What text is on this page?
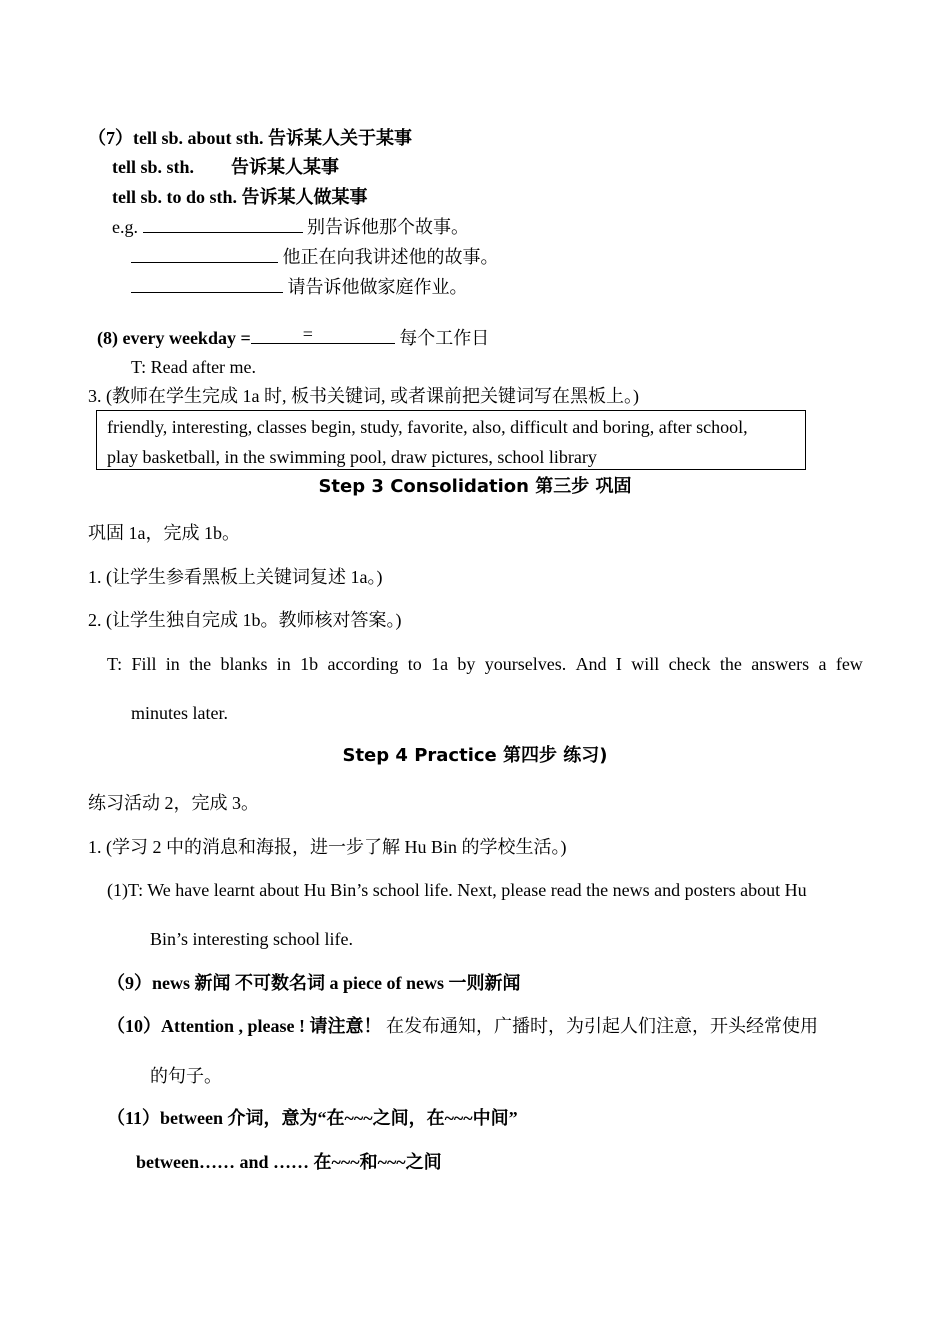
（7）tell sb. about sth. 告诉某人关于某事
tell sb. sth. 告诉某人某事
tell sb. to do sth. 告诉某人做某事
e.g.	别告诉他那个故事。
他正在向我讲述他的故事。
请告诉他做家庭作业。
(8) every weekday =	=	每个工作日
T: Read after me.
3. (教师在学生完成 1a 时, 板书关键词, 或者课前把关键词写在黑板上。)
friendly, interesting, classes begin, study, favorite, also, difficult and boring, after school,
play basketball, in the swimming pool, draw pictures, school library
Step 3 Consolidation 第三步 巩固
巩固 1a，完成 1b。
1. (让学生参看黑板上关键词复述 1a。)
2. (让学生独自完成 1b。教师核对答案。)
T: Fill in the blanks in 1b according to 1a by yourselves. And I will check the answers a few
minutes later.
Step 4 Practice 第四步 练习)
练习活动 2，完成 3。
1. (学习 2 中的消息和海报，进一步了解 Hu Bin 的学校生活。)
(1)T: We have learnt about Hu Bin’s school life. Next, please read the news and posters about Hu
Bin’s interesting school life.
（9）news 新闻 不可数名词 a piece of news 一则新闻
（10）Attention , please ! 请注意！ 在发布通知，广播时，为引起人们注意，开头经常使用
的句子。
（11）between 介词，意为“在~~~之间，在~~~中间”
between…… and …… 在~~~和~~~之间
